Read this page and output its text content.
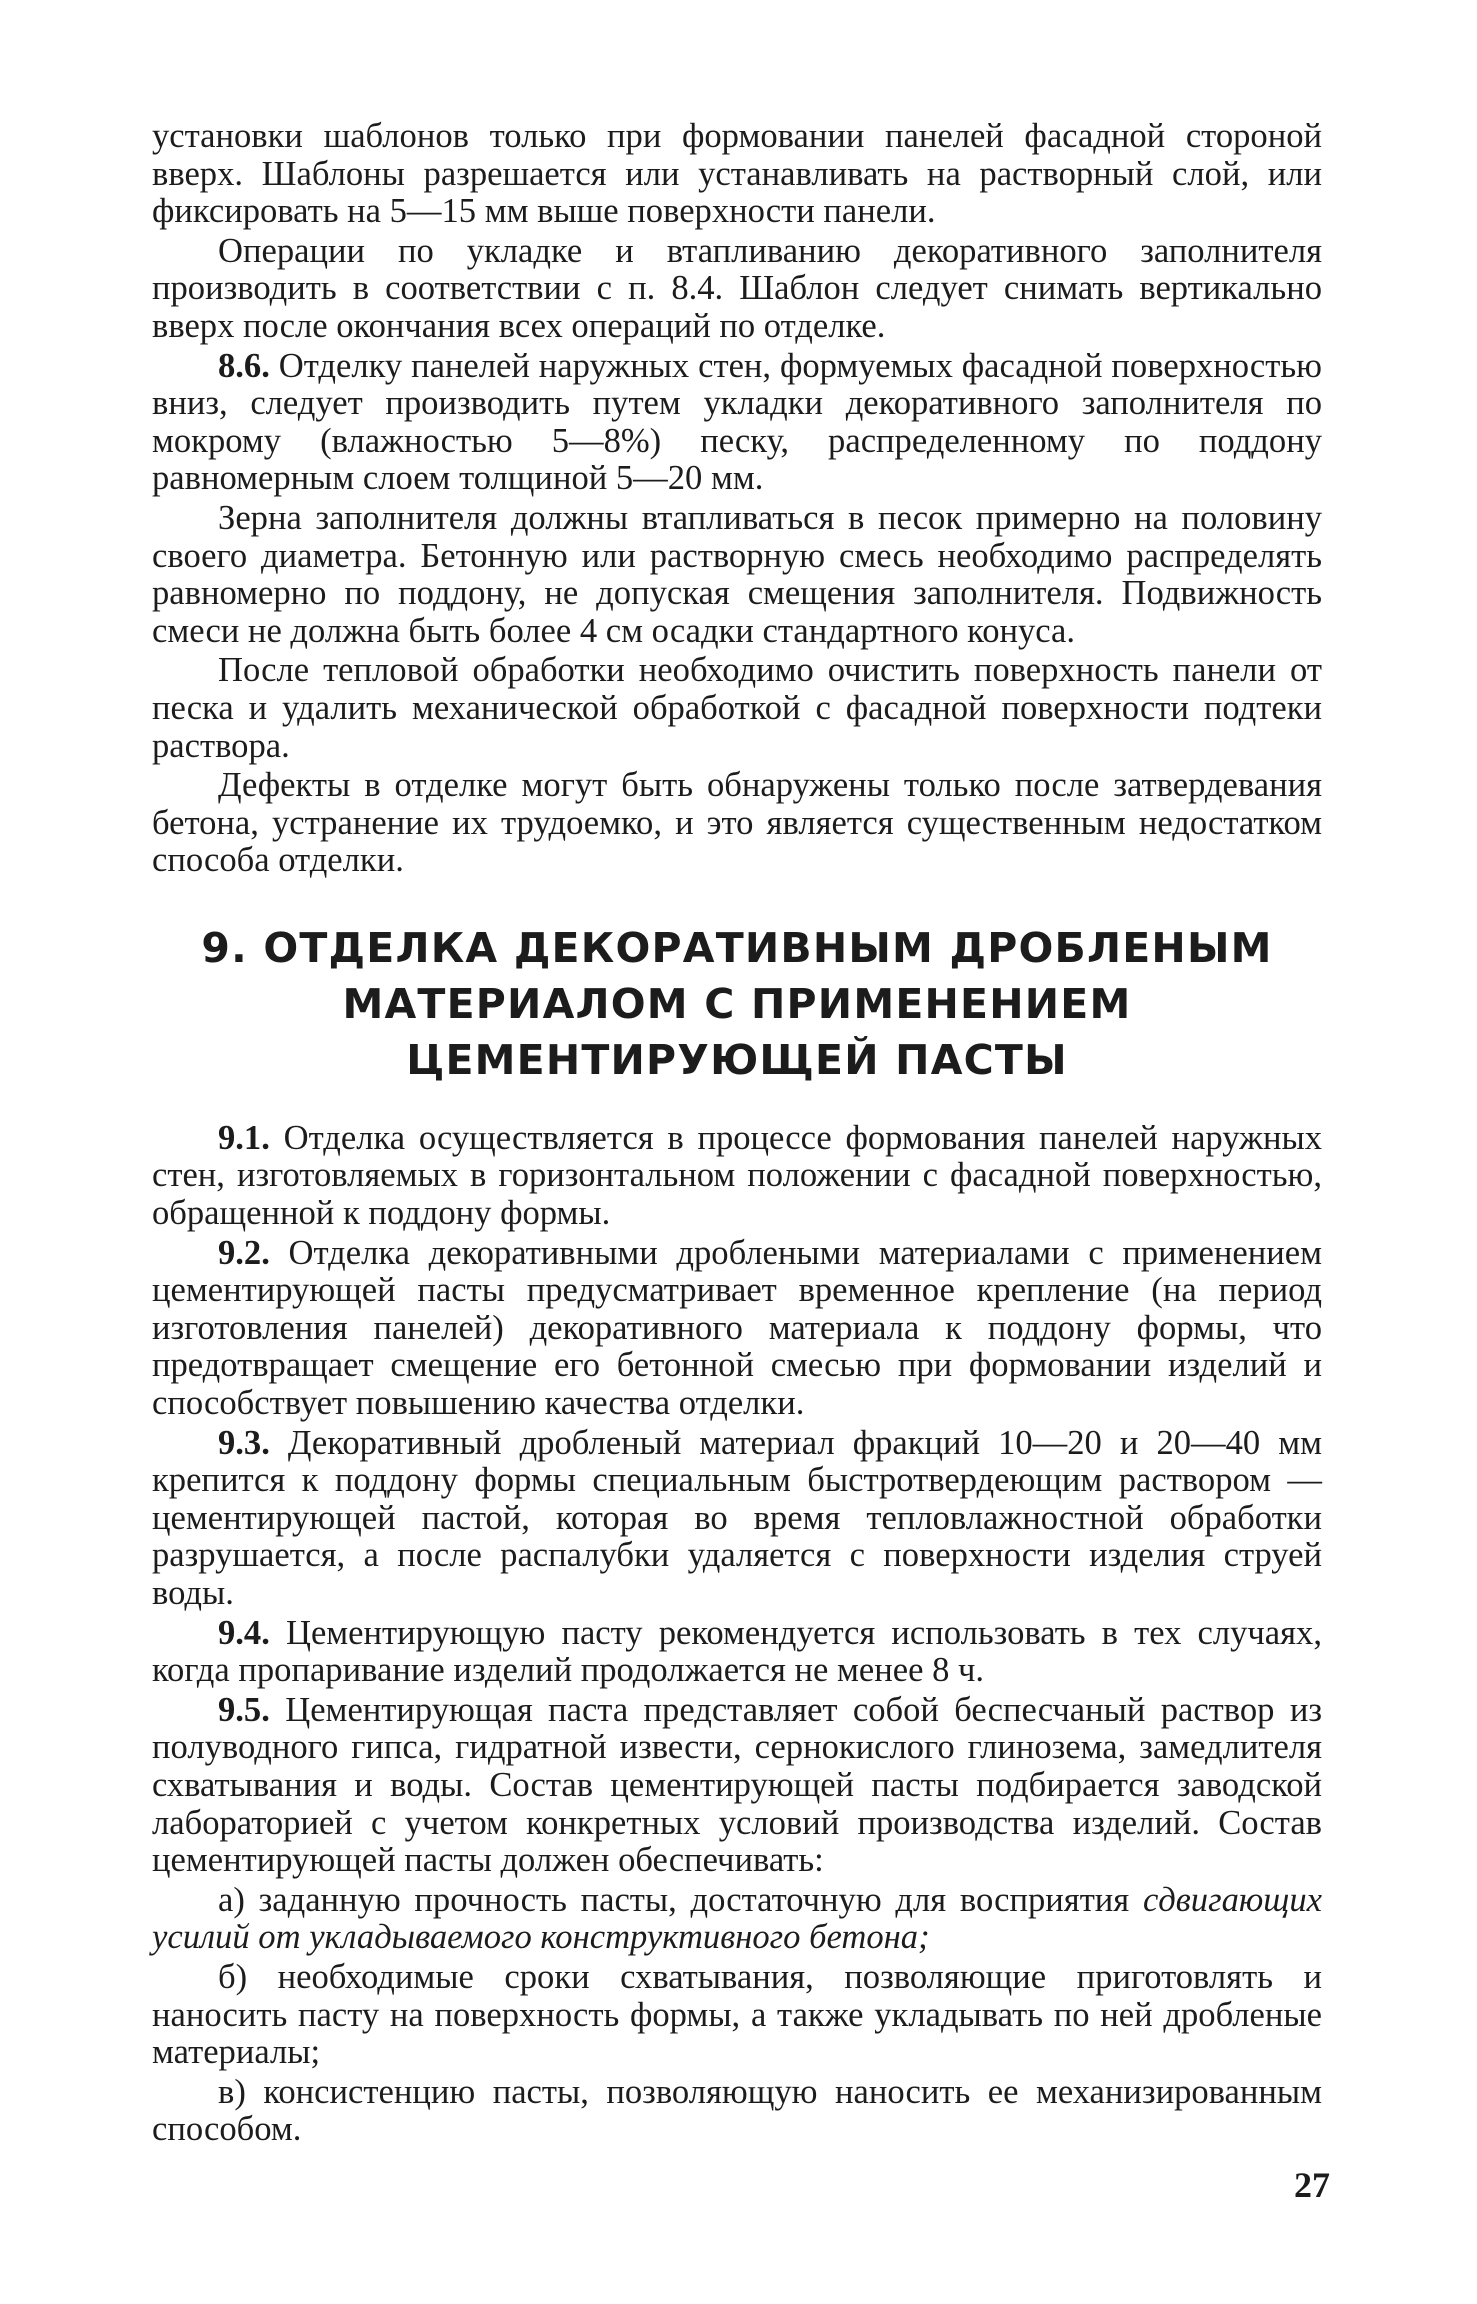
установки шаблонов только при формовании панелей фасадной стороной вверх. Шаблоны разрешается или устанавливать на растворный слой, или фиксировать на 5—15 мм выше поверхности панели.

Операции по укладке и втапливанию декоративного заполнителя производить в соответствии с п. 8.4. Шаблон следует снимать вертикально вверх после окончания всех операций по отделке.

8.6. Отделку панелей наружных стен, формуемых фасадной поверхностью вниз, следует производить путем укладки декоративного заполнителя по мокрому (влажностью 5—8%) песку, распределенному по поддону равномерным слоем толщиной 5—20 мм.

Зерна заполнителя должны втапливаться в песок примерно на половину своего диаметра. Бетонную или растворную смесь необходимо распределять равномерно по поддону, не допуская смещения заполнителя. Подвижность смеси не должна быть более 4 см осадки стандартного конуса.

После тепловой обработки необходимо очистить поверхность панели от песка и удалить механической обработкой с фасадной поверхности подтеки раствора.

Дефекты в отделке могут быть обнаружены только после затвердевания бетона, устранение их трудоемко, и это является существенным недостатком способа отделки.

9. ОТДЕЛКА ДЕКОРАТИВНЫМ ДРОБЛЕНЫМ
МАТЕРИАЛОМ С ПРИМЕНЕНИЕМ
ЦЕМЕНТИРУЮЩЕЙ ПАСТЫ

9.1. Отделка осуществляется в процессе формования панелей наружных стен, изготовляемых в горизонтальном положении с фасадной поверхностью, обращенной к поддону формы.

9.2. Отделка декоративными дроблеными материалами с применением цементирующей пасты предусматривает временное крепление (на период изготовления панелей) декоративного материала к поддону формы, что предотвращает смещение его бетонной смесью при формовании изделий и способствует повышению качества отделки.

9.3. Декоративный дробленый материал фракций 10—20 и 20—40 мм крепится к поддону формы специальным быстротвердеющим раствором — цементирующей пастой, которая во время тепловлажностной обработки разрушается, а после распалубки удаляется с поверхности изделия струей воды.

9.4. Цементирующую пасту рекомендуется использовать в тех случаях, когда пропаривание изделий продолжается не менее 8 ч.

9.5. Цементирующая паста представляет собой беспесчаный раствор из полуводного гипса, гидратной извести, сернокислого глинозема, замедлителя схватывания и воды. Состав цементирующей пасты подбирается заводской лабораторией с учетом конкретных условий производства изделий. Состав цементирующей пасты должен обеспечивать:

а) заданную прочность пасты, достаточную для восприятия сдвигающих усилий от укладываемого конструктивного бетона;

б) необходимые сроки схватывания, позволяющие приготовлять и наносить пасту на поверхность формы, а также укладывать по ней дробленые материалы;

в) консистенцию пасты, позволяющую наносить ее механизированным способом.

27
